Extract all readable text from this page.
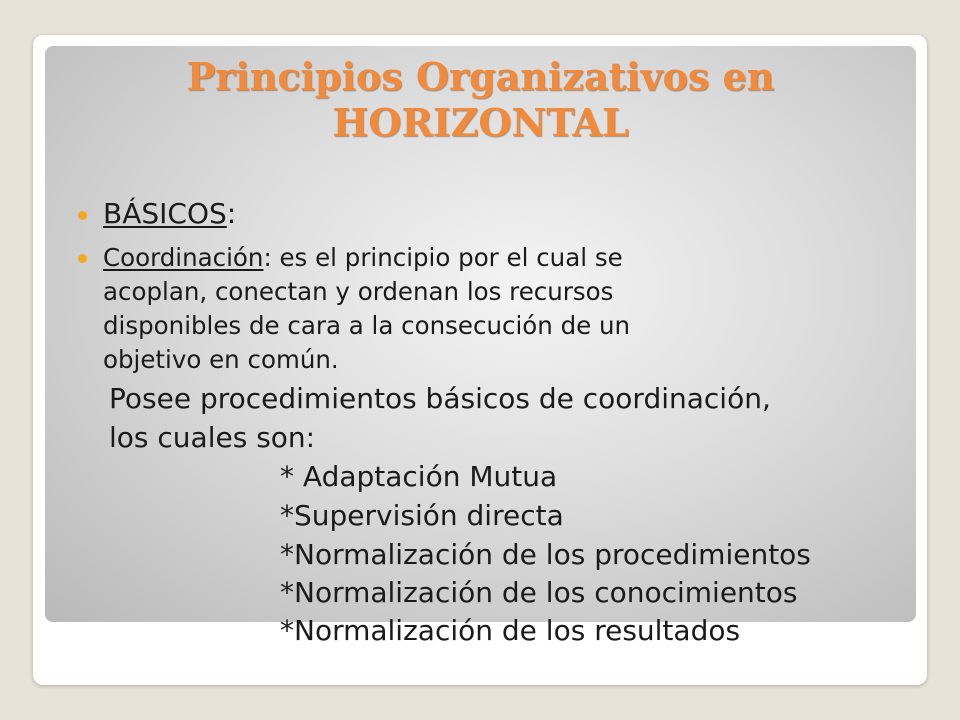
Principios Organizativos en HORIZONTAL

BÁSICOS:

Coordinación: es el principio por el cual se

acoplan, conectan y ordenan los recursos

disponibles de cara a la consecución de un

objetivo en común.

Posee procedimientos básicos de coordinación,

los cuales son:

* Adaptación Mutua

*Supervisión directa

*Normalización de los procedimientos

*Normalización de los conocimientos

*Normalización de los resultados
